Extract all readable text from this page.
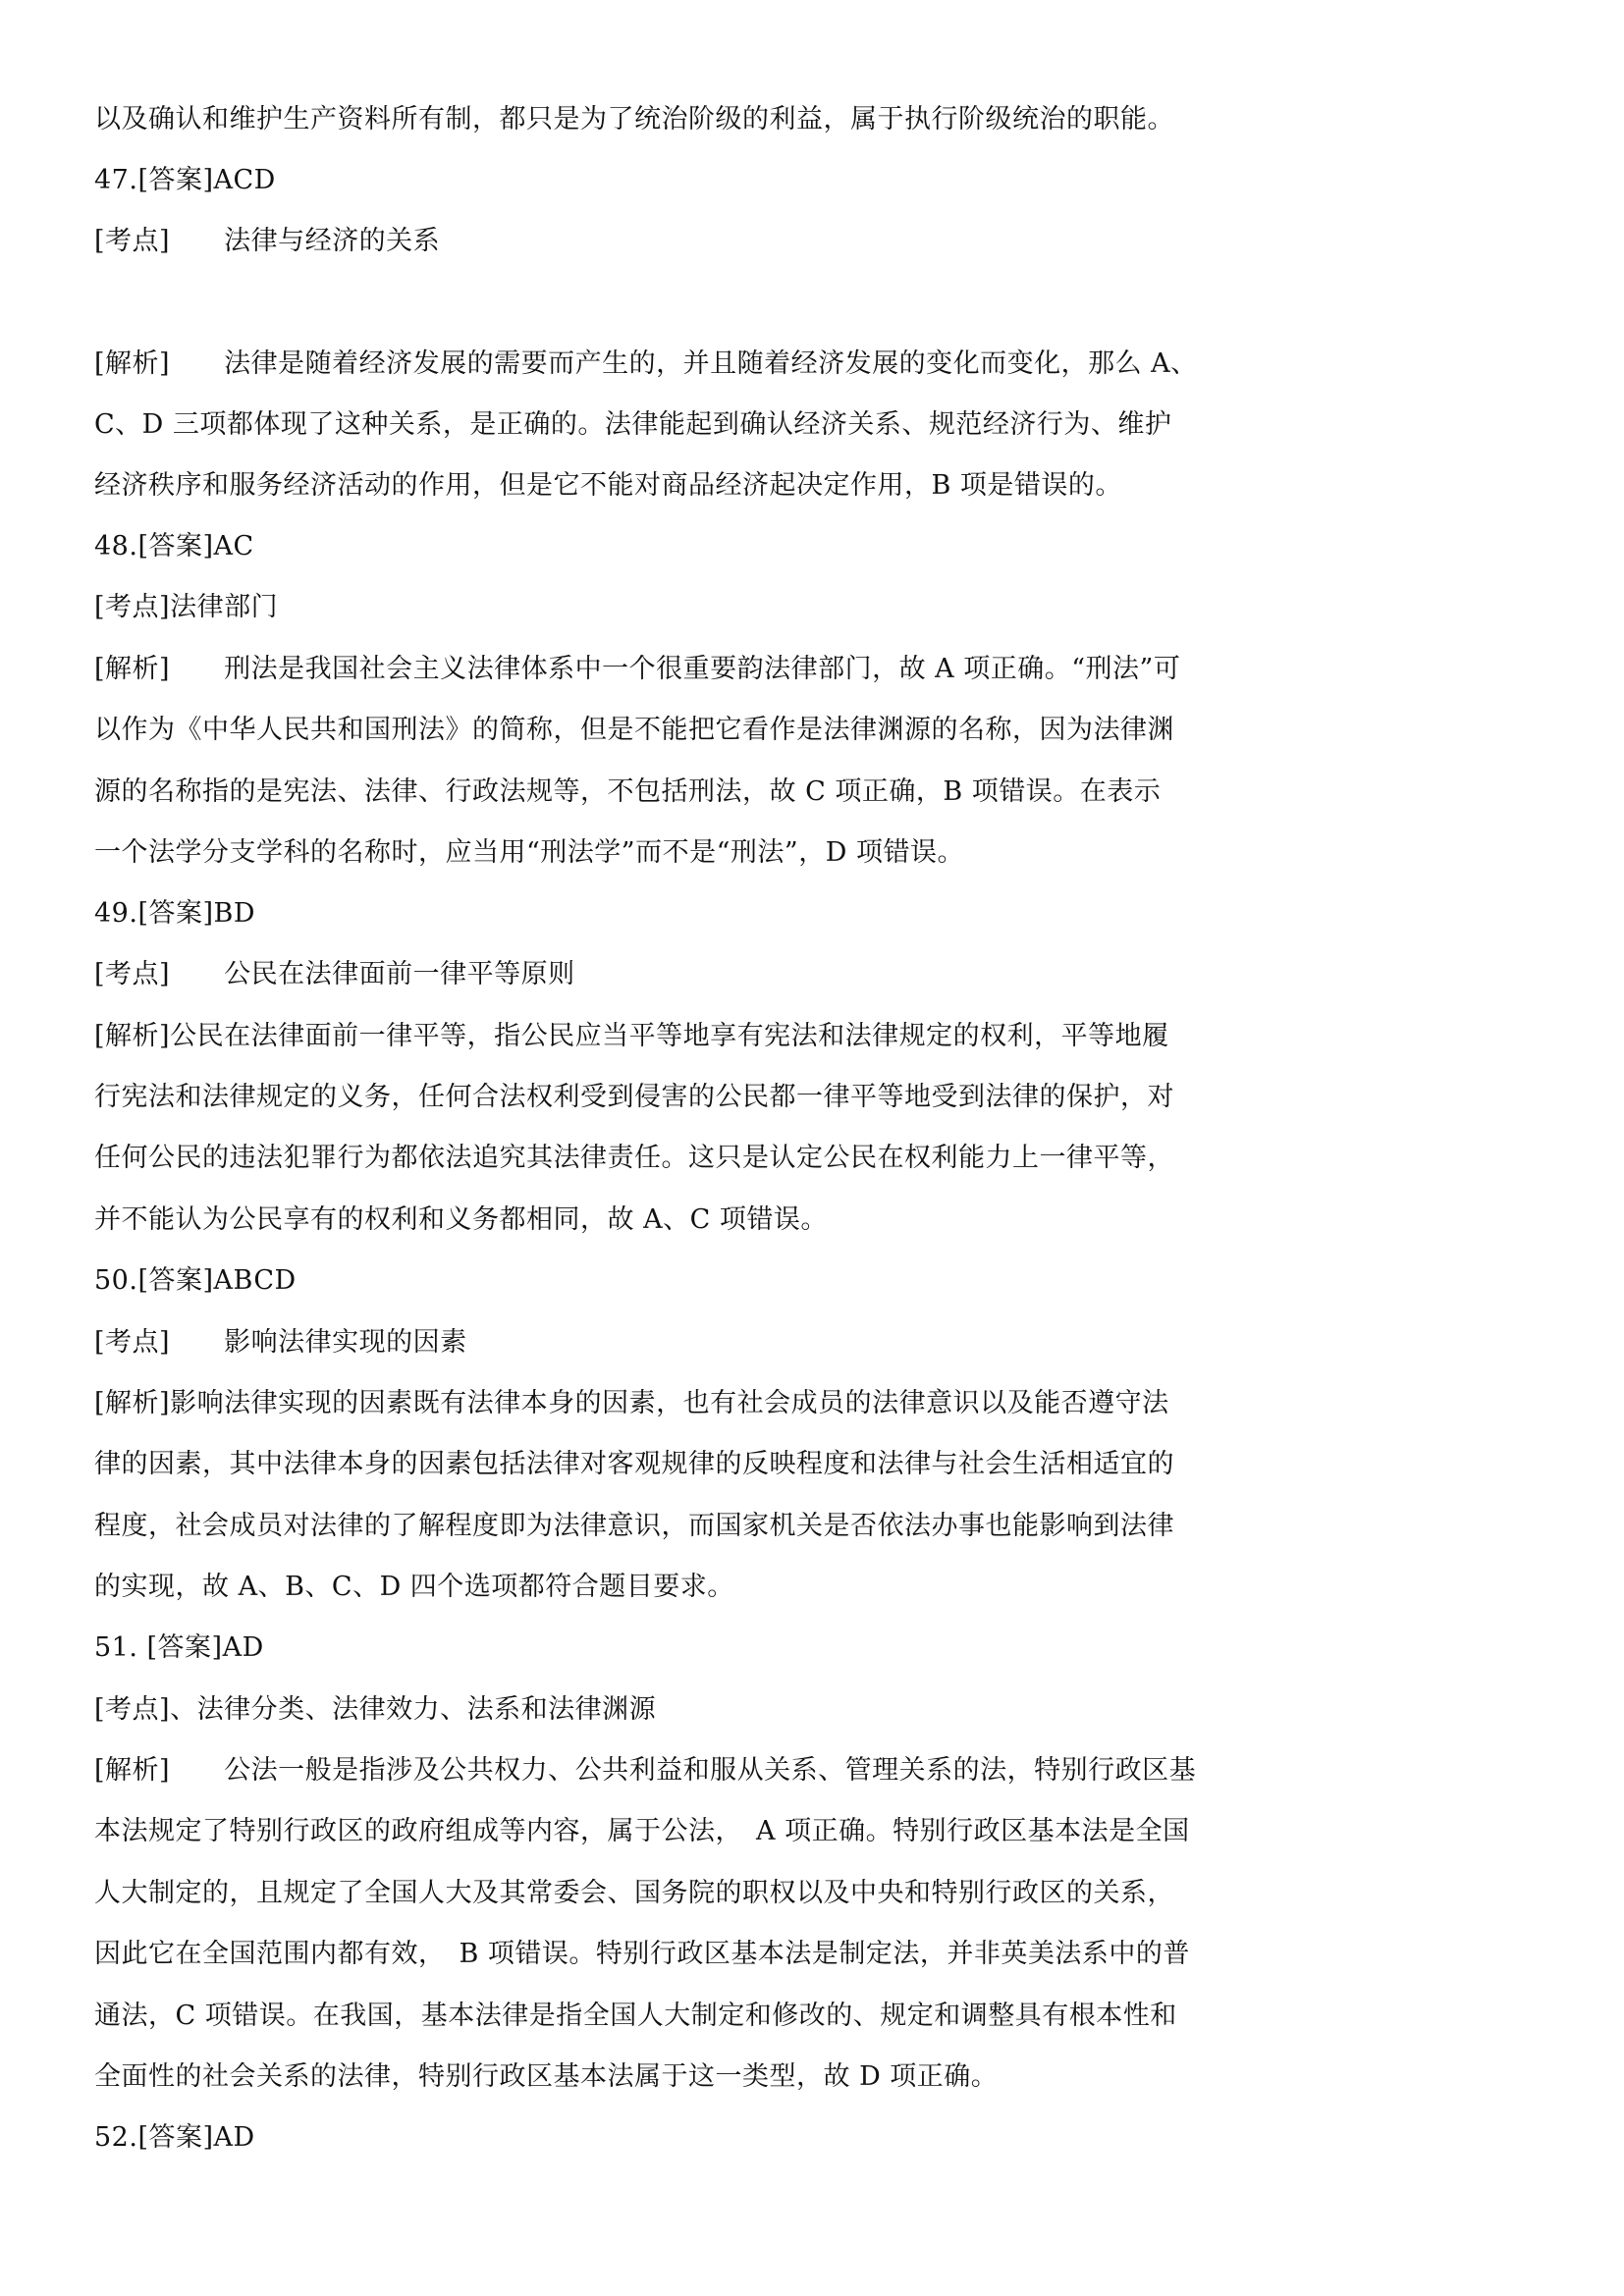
以及确认和维护生产资料所有制，都只是为了统治阶级的利益，属于执行阶级统治的职能。
47.[答案]ACD
[考点]　　法律与经济的关系
[解析]　　法律是随着经济发展的需要而产生的，并且随着经济发展的变化而变化，那么 A、
C、D 三项都体现了这种关系，是正确的。法律能起到确认经济关系、规范经济行为、维护
经济秩序和服务经济活动的作用，但是它不能对商品经济起决定作用，B 项是错误的。
48.[答案]AC
[考点]法律部门
[解析]　　刑法是我国社会主义法律体系中一个很重要韵法律部门，故 A 项正确。“刑法”可
以作为《中华人民共和国刑法》的简称，但是不能把它看作是法律渊源的名称，因为法律渊
源的名称指的是宪法、法律、行政法规等，不包括刑法，故 C 项正确，B 项错误。在表示
一个法学分支学科的名称时，应当用“刑法学”而不是“刑法”，D 项错误。
49.[答案]BD
[考点]　　公民在法律面前一律平等原则
[解析]公民在法律面前一律平等，指公民应当平等地享有宪法和法律规定的权利，平等地履
行宪法和法律规定的义务，任何合法权利受到侵害的公民都一律平等地受到法律的保护，对
任何公民的违法犯罪行为都依法追究其法律责任。这只是认定公民在权利能力上一律平等，
并不能认为公民享有的权利和义务都相同，故 A、C 项错误。
50.[答案]ABCD
[考点]　　影响法律实现的因素
[解析]影响法律实现的因素既有法律本身的因素，也有社会成员的法律意识以及能否遵守法
律的因素，其中法律本身的因素包括法律对客观规律的反映程度和法律与社会生活相适宜的
程度，社会成员对法律的了解程度即为法律意识，而国家机关是否依法办事也能影响到法律
的实现，故 A、B、C、D 四个选项都符合题目要求。
51. [答案]AD
[考点]、法律分类、法律效力、法系和法律渊源
[解析]　　公法一般是指涉及公共权力、公共利益和服从关系、管理关系的法，特别行政区基
本法规定了特别行政区的政府组成等内容，属于公法，　A 项正确。特别行政区基本法是全国
人大制定的，且规定了全国人大及其常委会、国务院的职权以及中央和特别行政区的关系，
因此它在全国范围内都有效，　B 项错误。特别行政区基本法是制定法，并非英美法系中的普
通法，C 项错误。在我国，基本法律是指全国人大制定和修改的、规定和调整具有根本性和
全面性的社会关系的法律，特别行政区基本法属于这一类型，故 D 项正确。
52.[答案]AD
